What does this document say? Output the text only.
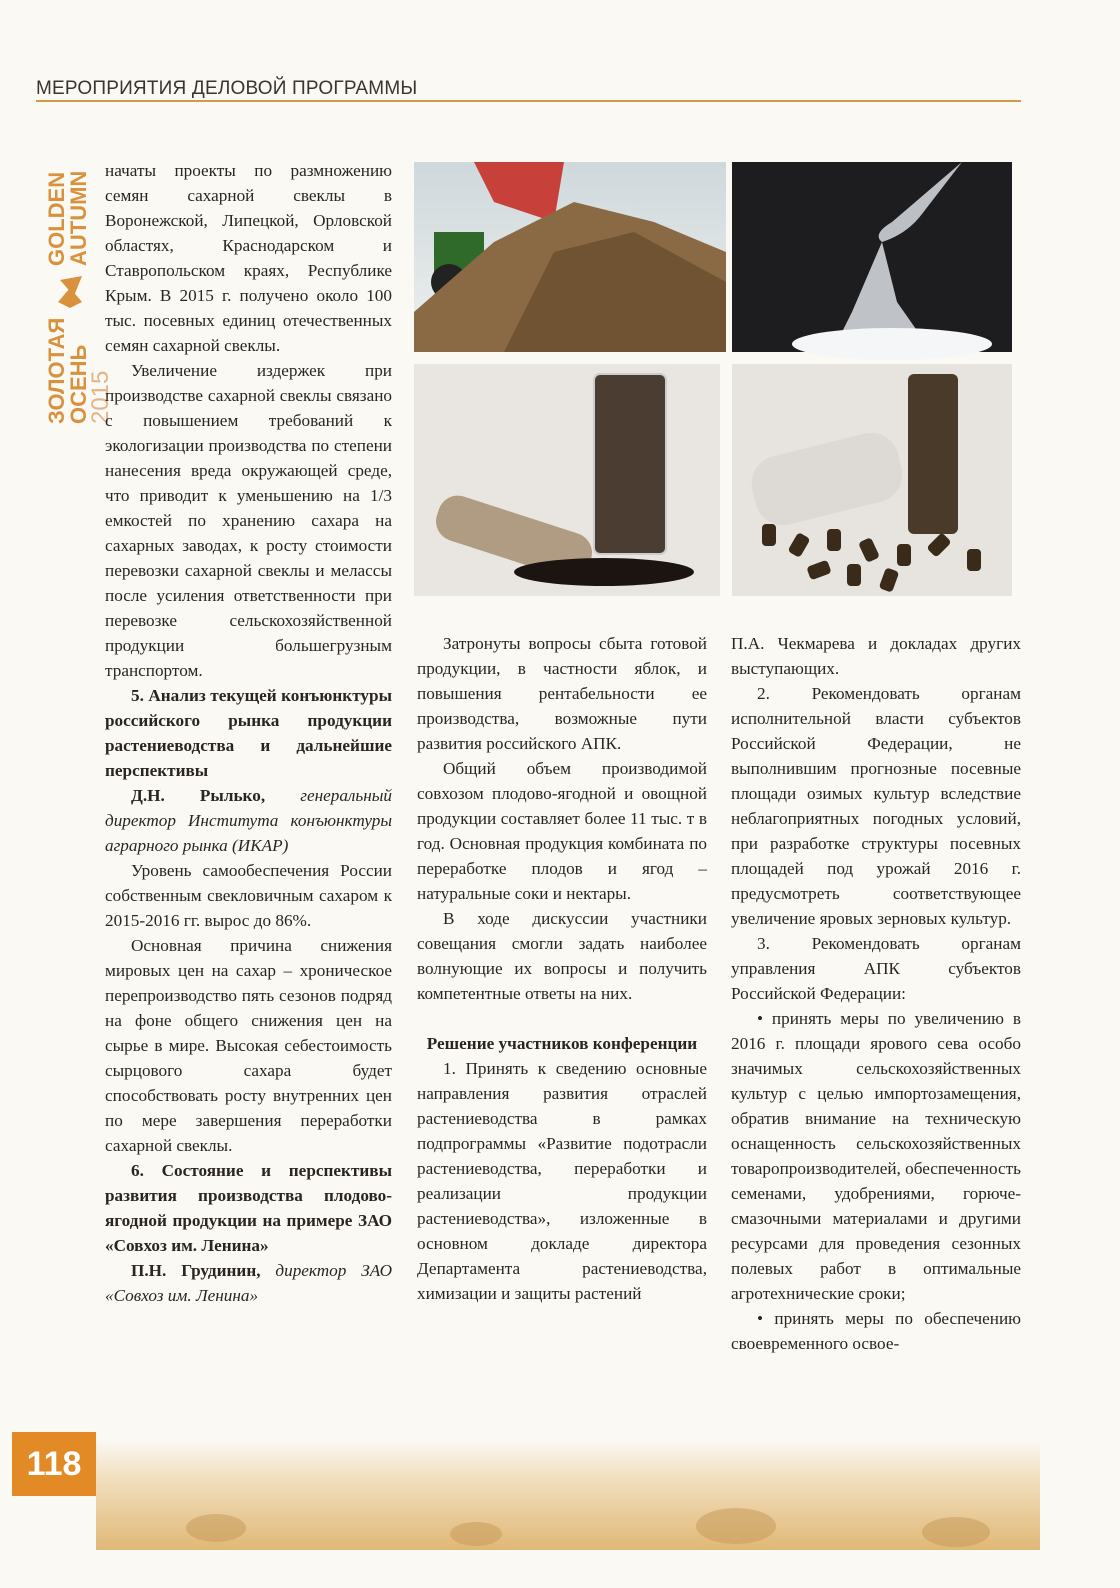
МЕРОПРИЯТИЯ ДЕЛОВОЙ ПРОГРАММЫ
ЗОЛОТАЯ
ОСЕНЬ
2015
GOLDEN
AUTUMN

начаты проекты по размножению семян сахарной свеклы в Воронежской, Липецкой, Орловской областях, Краснодарском и Ставропольском краях, Республике Крым. В 2015 г. получено около 100 тыс. посевных единиц отечественных семян сахарной свеклы.

Увеличение издержек при производстве сахарной свеклы связано с повышением требований к экологизации производства по степени нанесения вреда окружающей среде, что приводит к уменьшению на 1/3 емкостей по хранению сахара на сахарных заводах, к росту стоимости перевозки сахарной свеклы и мелассы после усиления ответственности при перевозке сельскохозяйственной продукции большегрузным транспортом.

5. Анализ текущей конъюнктуры российского рынка продукции растениеводства и дальнейшие перспективы

Д.Н. Рылько, генеральный директор Института конъюнктуры аграрного рынка (ИКАР)

Уровень самообеспечения России собственным свекловичным сахаром к 2015-2016 гг. вырос до 86%.

Основная причина снижения мировых цен на сахар – хроническое перепроизводство пять сезонов подряд на фоне общего снижения цен на сырье в мире. Высокая себестоимость сырцового сахара будет способствовать росту внутренних цен по мере завершения переработки сахарной свеклы.

6. Состояние и перспективы развития производства плодово-ягодной продукции на примере ЗАО «Совхоз им. Ленина»

П.Н. Грудинин, директор ЗАО «Совхоз им. Ленина»

Затронуты вопросы сбыта готовой продукции, в частности яблок, и повышения рентабельности ее производства, возможные пути развития российского АПК.

Общий объем производимой совхозом плодово-ягодной и овощной продукции составляет более 11 тыс. т в год. Основная продукция комбината по переработке плодов и ягод – натуральные соки и нектары.

В ходе дискуссии участники совещания смогли задать наиболее волнующие их вопросы и получить компетентные ответы на них.

Решение участников конференции

1. Принять к сведению основные направления развития отраслей растениеводства в рамках подпрограммы «Развитие подотрасли растениеводства, переработки и реализации продукции растениеводства», изложенные в основном докладе директора Департамента растениеводства, химизации и защиты растений

П.А. Чекмарева и докладах других выступающих.

2. Рекомендовать органам исполнительной власти субъектов Российской Федерации, не выполнившим прогнозные посевные площади озимых культур вследствие неблагоприятных погодных условий, при разработке структуры посевных площадей под урожай 2016 г. предусмотреть соответствующее увеличение яровых зерновых культур.

3. Рекомендовать органам управления АПК субъектов Российской Федерации:

• принять меры по увеличению в 2016 г. площади ярового сева особо значимых сельскохозяйственных культур с целью импортозамещения, обратив внимание на техническую оснащенность сельскохозяйственных товаропроизводителей, обеспеченность семенами, удобрениями, горюче-смазочными материалами и другими ресурсами для проведения сезонных полевых работ в оптимальные агротехнические сроки;

• принять меры по обеспечению своевременного освое-

118
